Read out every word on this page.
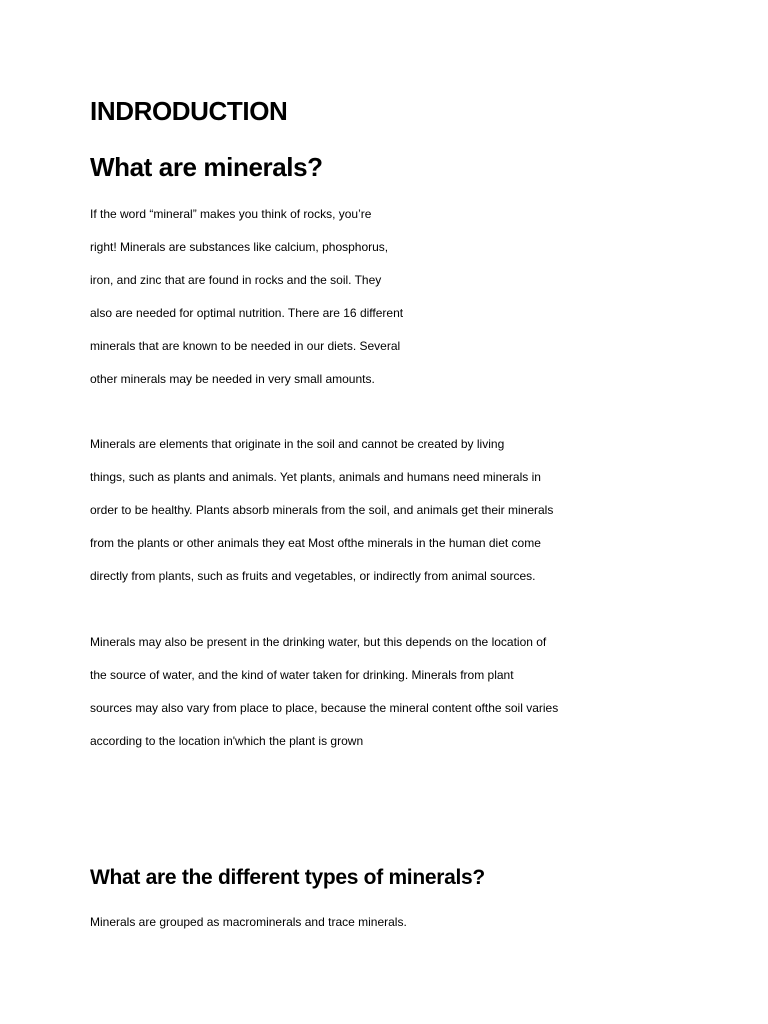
INDRODUCTION
What are minerals?
If the word “mineral” makes you think of rocks, you’re
right! Minerals are substances like calcium, phosphorus,
iron, and zinc that are found in rocks and the soil. They
also are needed for optimal nutrition. There are 16 different
minerals that are known to be needed in our diets. Several
other minerals may be needed in very small amounts.
Minerals are elements that originate in the soil and cannot be created by living
things, such as plants and animals. Yet plants, animals and humans need minerals in
order to be healthy. Plants absorb minerals from the soil, and animals get their minerals
from the plants or other animals they eat Most ofthe minerals in the human diet come
directly from plants, such as fruits and vegetables, or indirectly from animal sources.
Minerals may also be present in the drinking water, but this depends on the location of
the source of water, and the kind of water taken for drinking. Minerals from plant
sources may also vary from place to place, because the mineral content ofthe soil varies
according to the location in'which the plant is grown
What are the different types of minerals?
Minerals are grouped as macrominerals and trace minerals.
